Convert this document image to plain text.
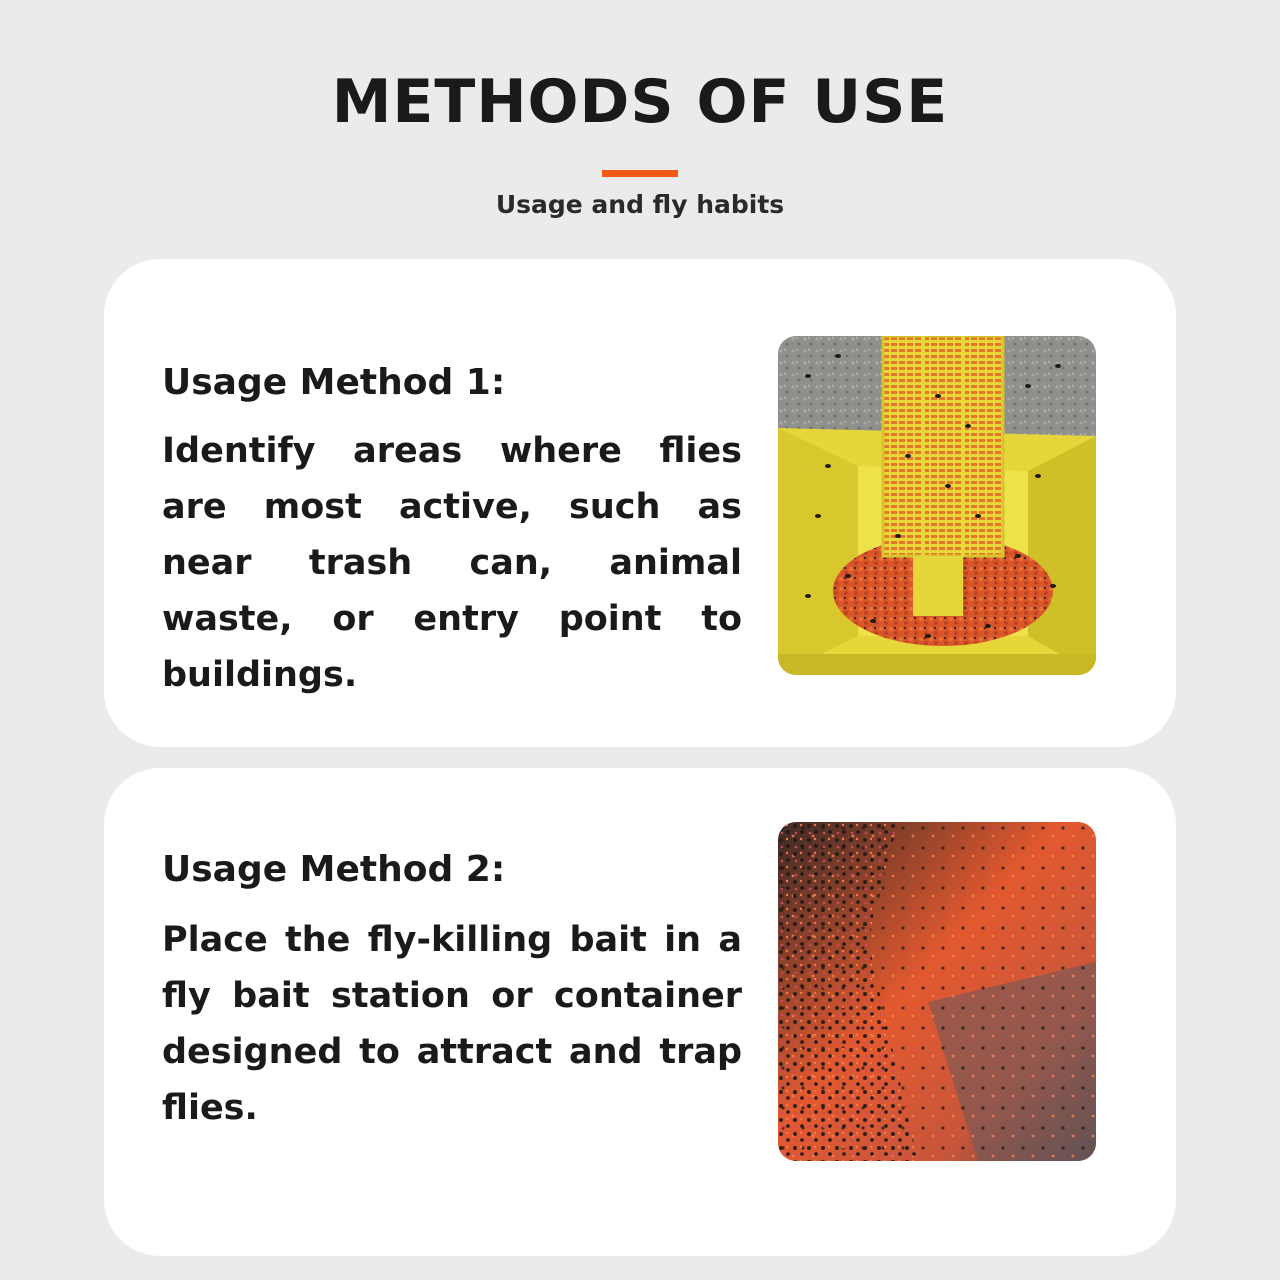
METHODS OF USE
Usage and fly habits
Usage Method 1:

Identify areas where flies are most active, such as near trash can, animal waste, or entry point to buildings.

Usage Method 2:

Place the fly-killing bait in a fly bait station or container designed to attract and trap flies.
